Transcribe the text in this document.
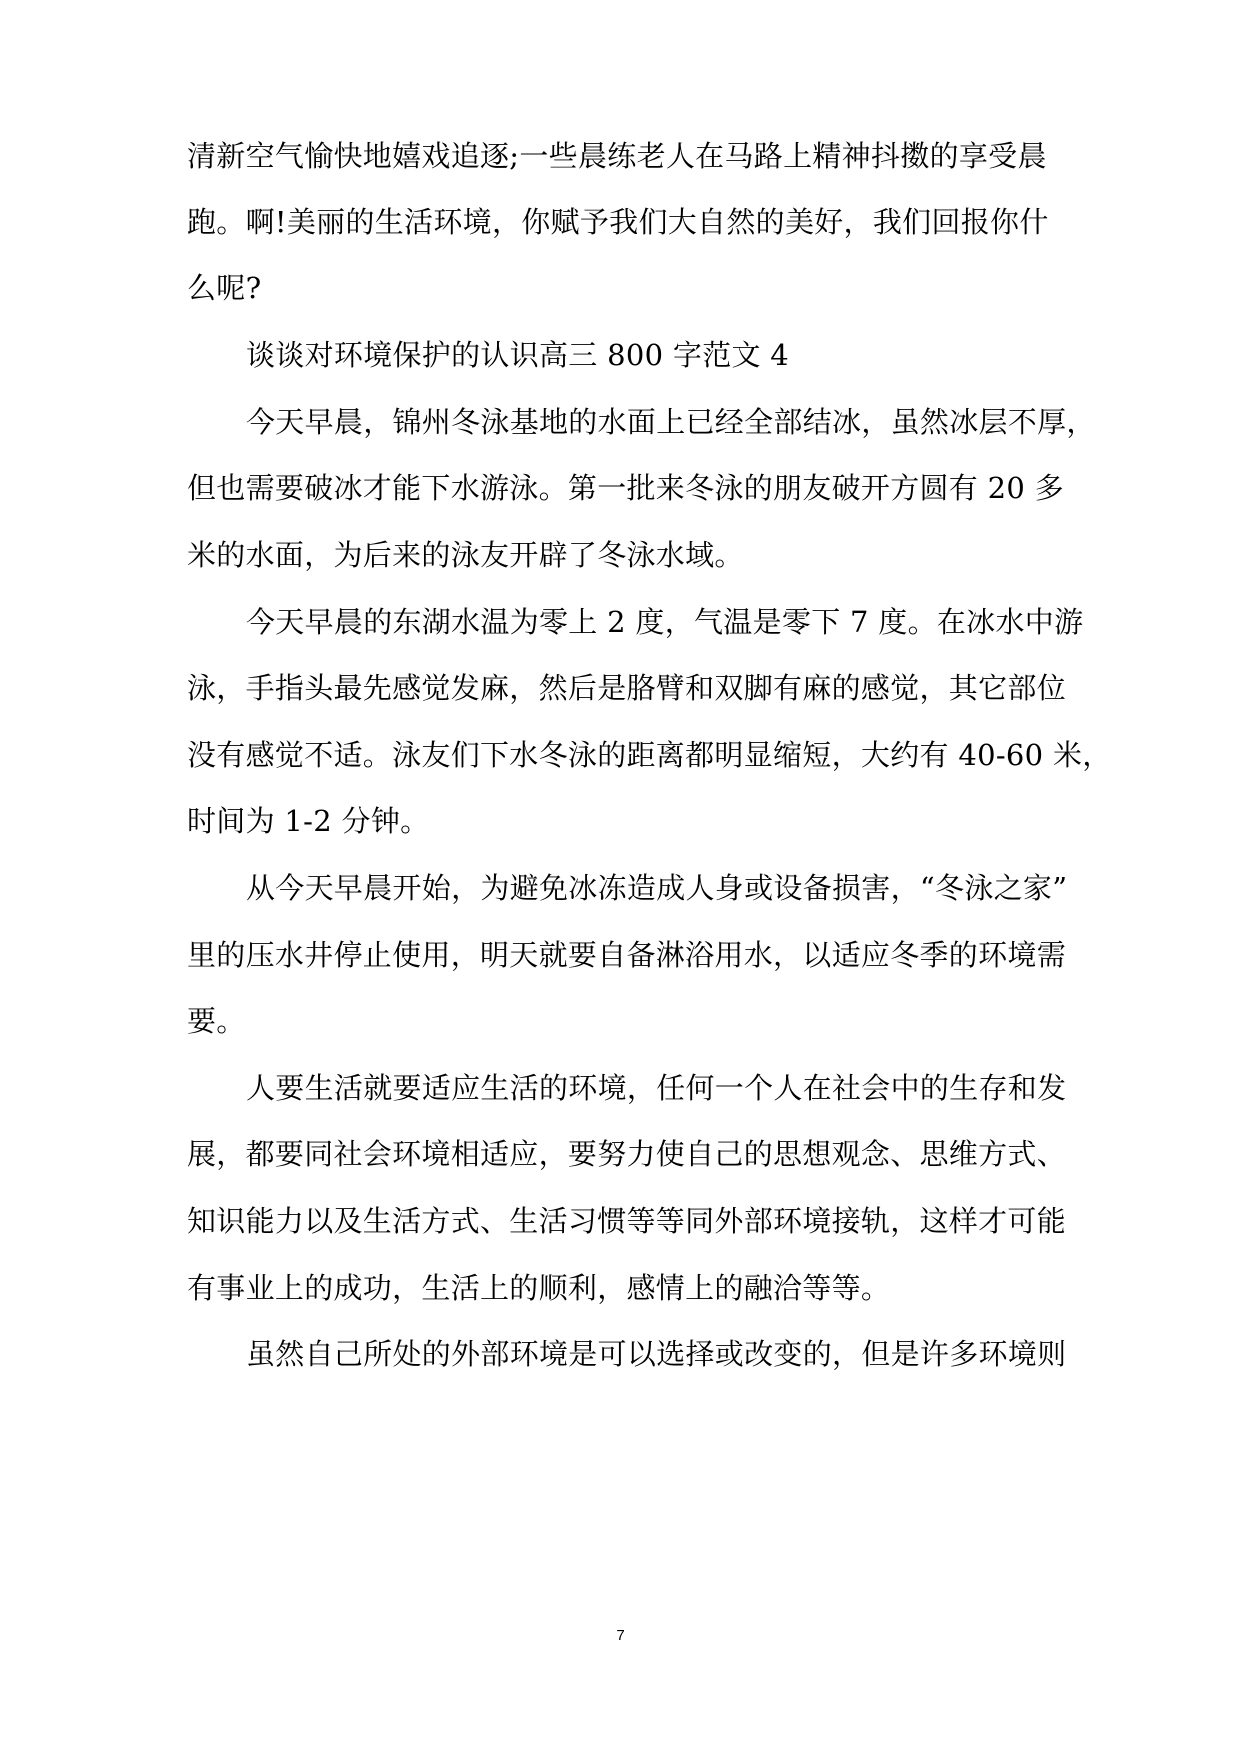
清新空气愉快地嬉戏追逐;一些晨练老人在马路上精神抖擞的享受晨
跑。啊!美丽的生活环境，你赋予我们大自然的美好，我们回报你什
么呢?
谈谈对环境保护的认识高三 800 字范文 4
今天早晨，锦州冬泳基地的水面上已经全部结冰，虽然冰层不厚，
但也需要破冰才能下水游泳。第一批来冬泳的朋友破开方圆有 20 多
米的水面，为后来的泳友开辟了冬泳水域。
今天早晨的东湖水温为零上 2 度，气温是零下 7 度。在冰水中游
泳，手指头最先感觉发麻，然后是胳臂和双脚有麻的感觉，其它部位
没有感觉不适。泳友们下水冬泳的距离都明显缩短，大约有 40-60 米，
时间为 1-2 分钟。
从今天早晨开始，为避免冰冻造成人身或设备损害，“冬泳之家”
里的压水井停止使用，明天就要自备淋浴用水，以适应冬季的环境需
要。
人要生活就要适应生活的环境，任何一个人在社会中的生存和发
展，都要同社会环境相适应，要努力使自己的思想观念、思维方式、
知识能力以及生活方式、生活习惯等等同外部环境接轨，这样才可能
有事业上的成功，生活上的顺利，感情上的融洽等等。
虽然自己所处的外部环境是可以选择或改变的，但是许多环境则
7
